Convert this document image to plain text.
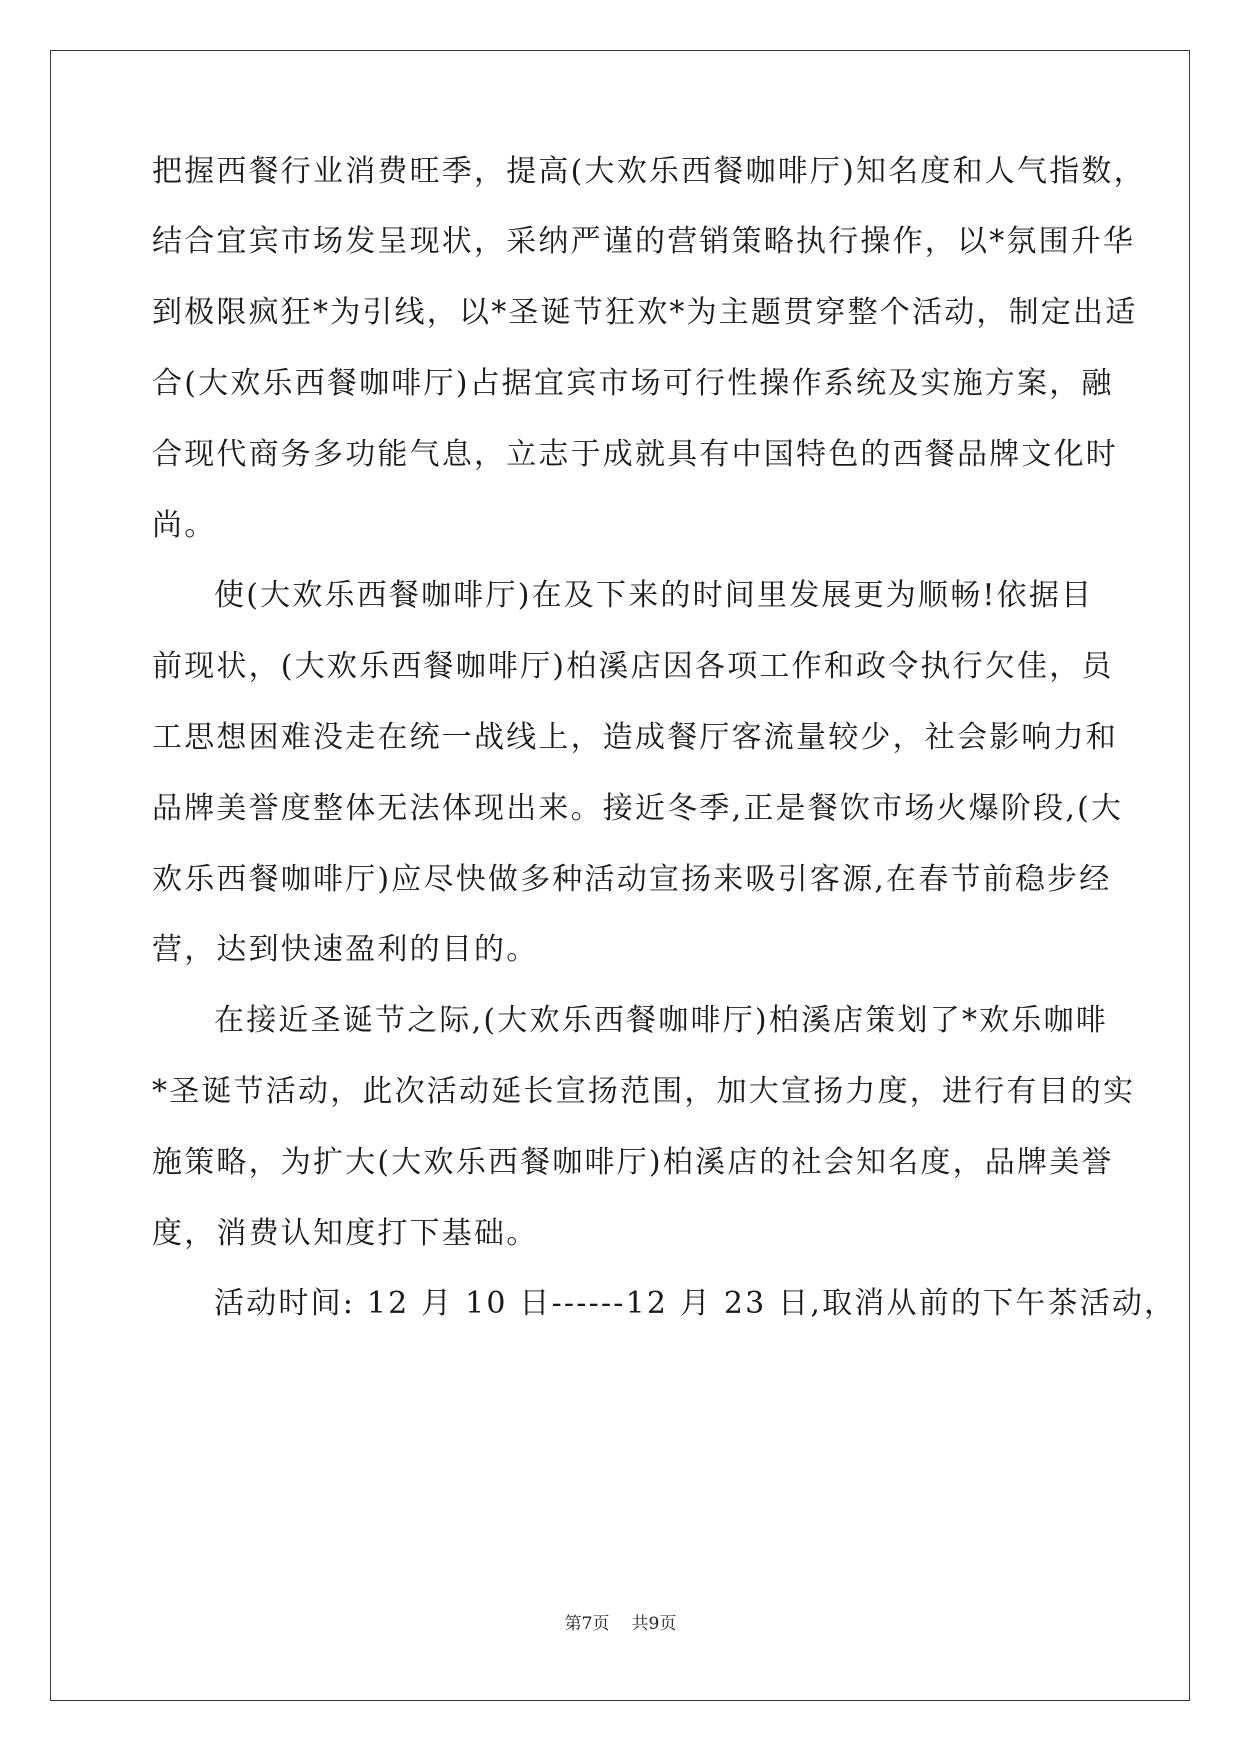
把握西餐行业消费旺季，提高(大欢乐西餐咖啡厅)知名度和人气指数，
结合宜宾市场发呈现状，采纳严谨的营销策略执行操作，以*氛围升华
到极限疯狂*为引线，以*圣诞节狂欢*为主题贯穿整个活动，制定出适
合(大欢乐西餐咖啡厅)占据宜宾市场可行性操作系统及实施方案，融
合现代商务多功能气息，立志于成就具有中国特色的西餐品牌文化时
尚。
使(大欢乐西餐咖啡厅)在及下来的时间里发展更为顺畅!依据目
前现状，(大欢乐西餐咖啡厅)柏溪店因各项工作和政令执行欠佳，员
工思想困难没走在统一战线上，造成餐厅客流量较少，社会影响力和
品牌美誉度整体无法体现出来。接近冬季,正是餐饮市场火爆阶段,(大
欢乐西餐咖啡厅)应尽快做多种活动宣扬来吸引客源,在春节前稳步经
营，达到快速盈利的目的。
在接近圣诞节之际,(大欢乐西餐咖啡厅)柏溪店策划了*欢乐咖啡
*圣诞节活动，此次活动延长宣扬范围，加大宣扬力度，进行有目的实
施策略，为扩大(大欢乐西餐咖啡厅)柏溪店的社会知名度，品牌美誉
度，消费认知度打下基础。
活动时间: 12 月 10 日------12 月 23 日,取消从前的下午茶活动，
第7页 共9页
